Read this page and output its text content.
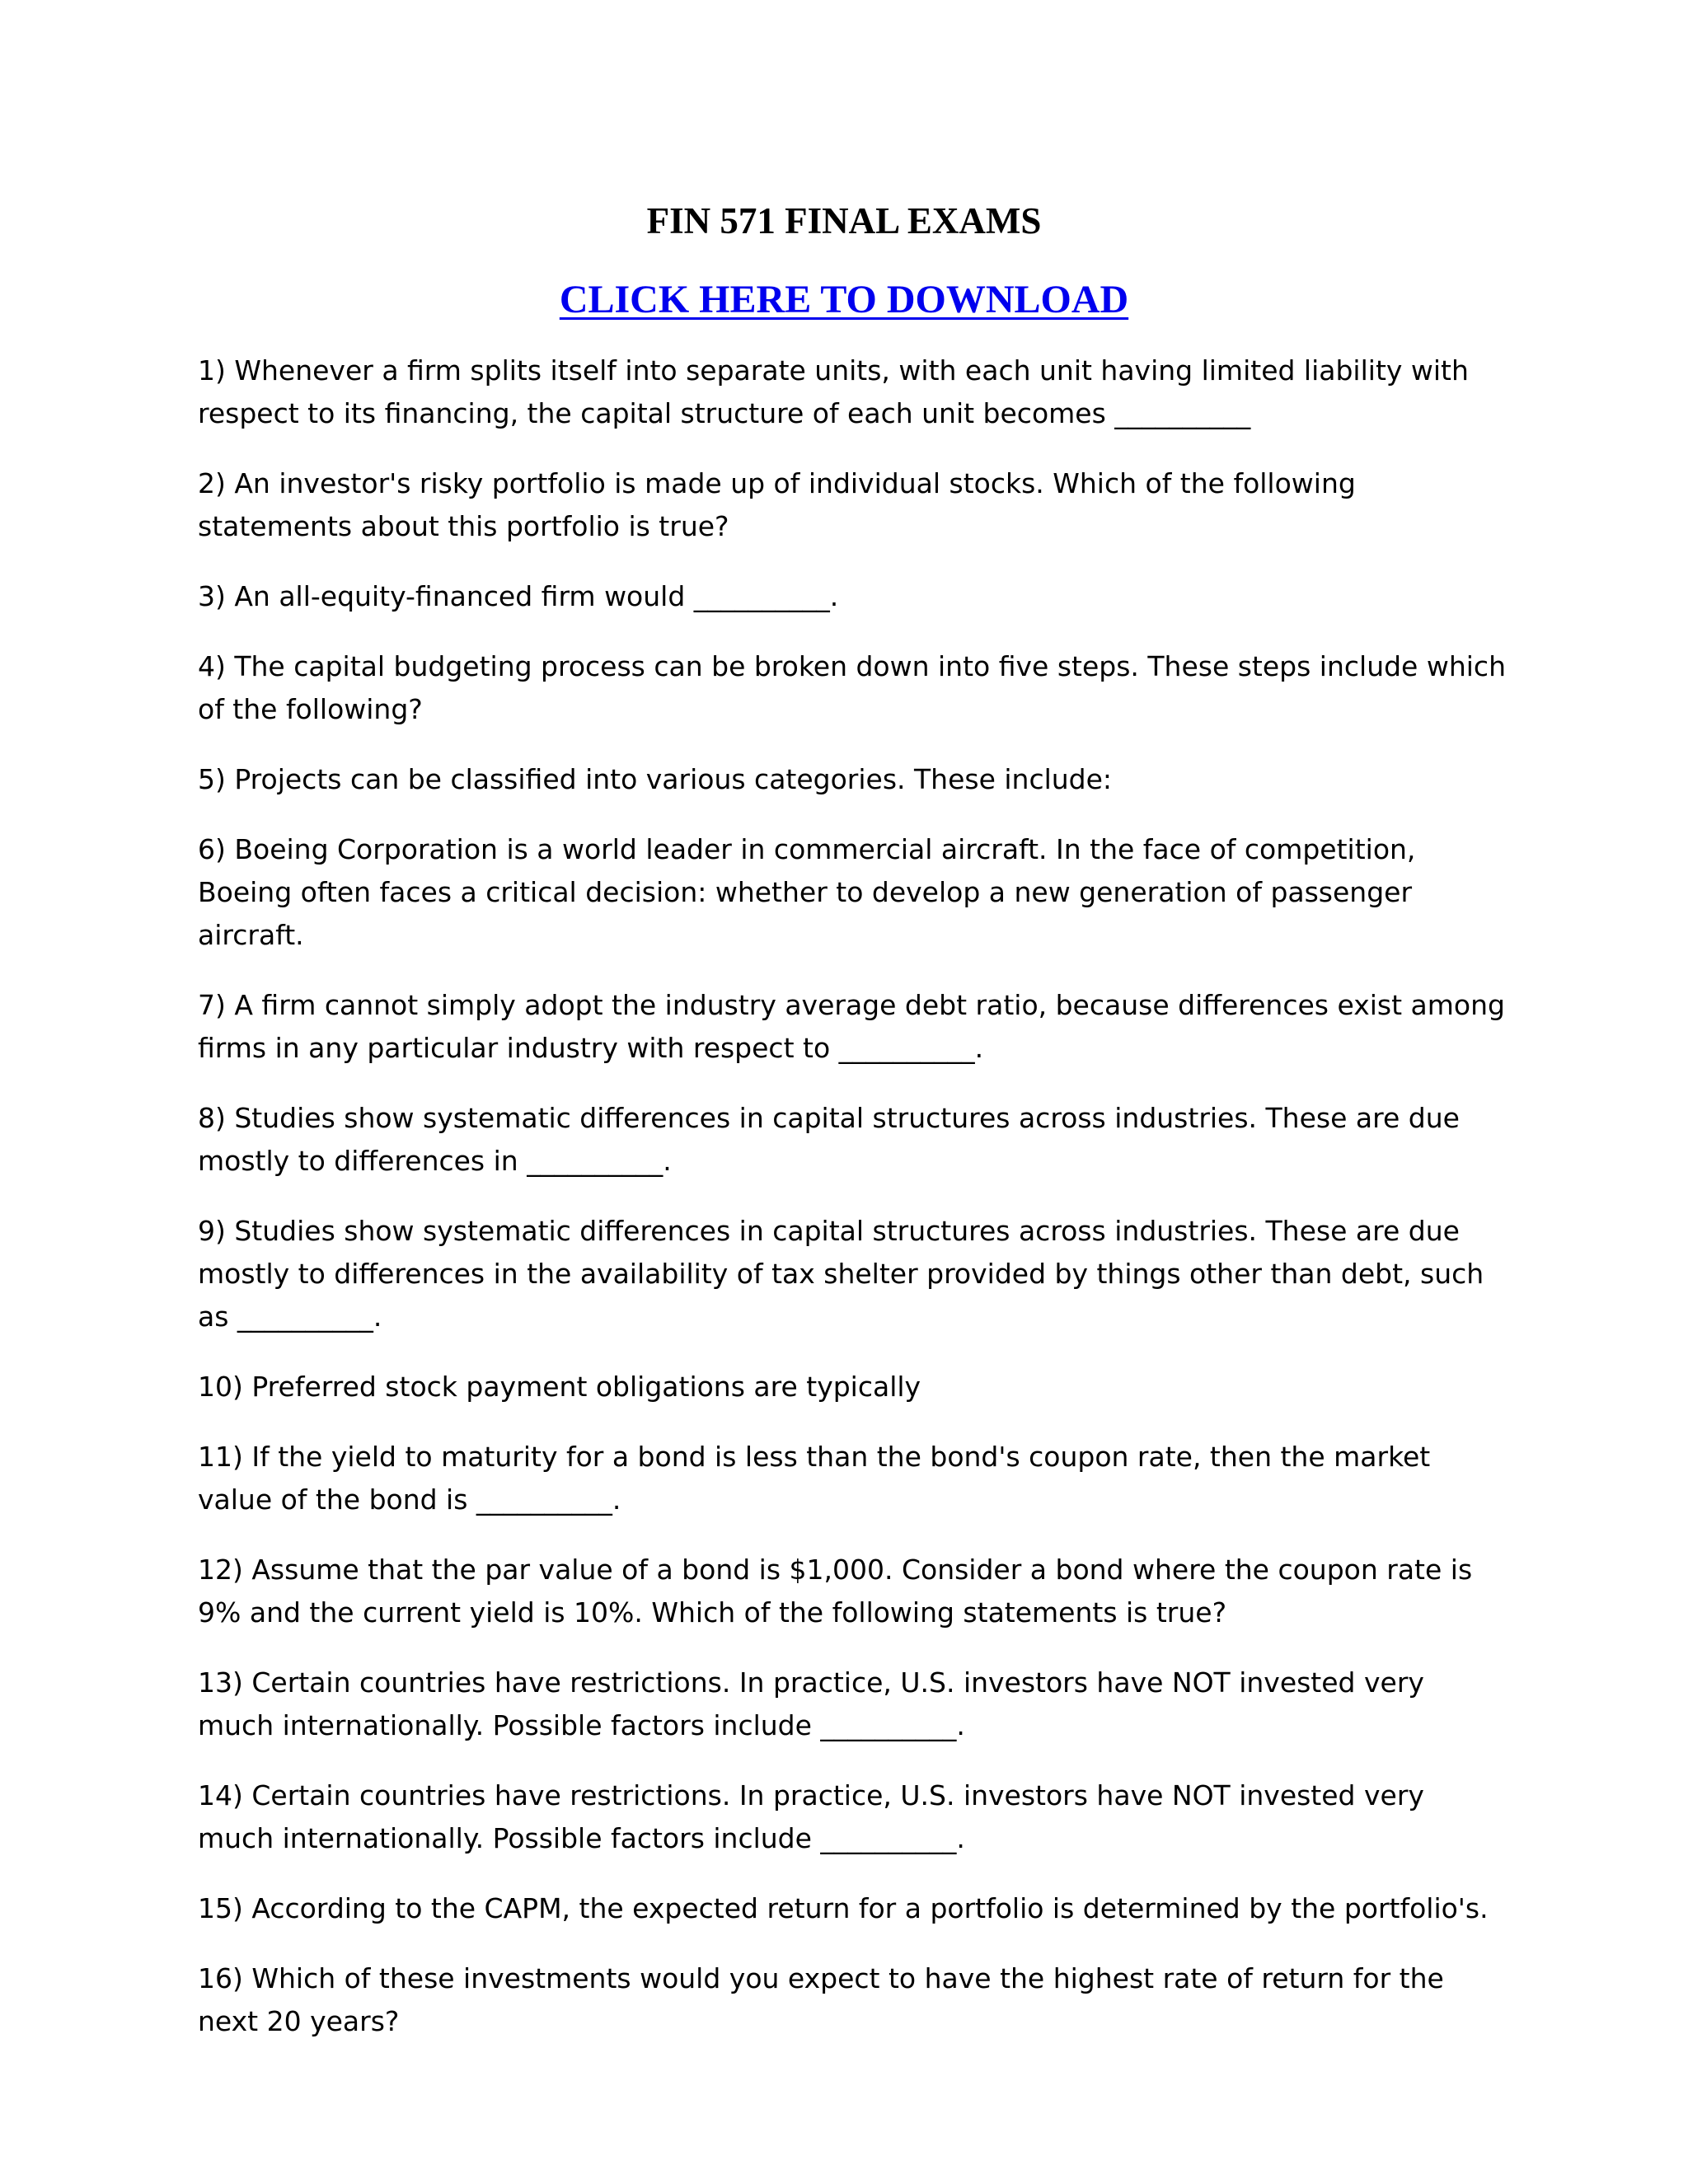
FIN 571 FINAL EXAMS
CLICK HERE TO DOWNLOAD
1) Whenever a firm splits itself into separate units, with each unit having limited liability with respect to its financing, the capital structure of each unit becomes __________
2) An investor's risky portfolio is made up of individual stocks. Which of the following statements about this portfolio is true?
3) An all-equity-financed firm would __________.
4) The capital budgeting process can be broken down into five steps. These steps include which of the following?
5) Projects can be classified into various categories. These include:
6) Boeing Corporation is a world leader in commercial aircraft. In the face of competition, Boeing often faces a critical decision: whether to develop a new generation of passenger aircraft.
7) A firm cannot simply adopt the industry average debt ratio, because differences exist among firms in any particular industry with respect to __________.
8) Studies show systematic differences in capital structures across industries. These are due mostly to differences in __________.
9) Studies show systematic differences in capital structures across industries. These are due mostly to differences in the availability of tax shelter provided by things other than debt, such as __________.
10) Preferred stock payment obligations are typically
11) If the yield to maturity for a bond is less than the bond's coupon rate, then the market value of the bond is __________.
12) Assume that the par value of a bond is $1,000. Consider a bond where the coupon rate is 9% and the current yield is 10%. Which of the following statements is true?
13) Certain countries have restrictions. In practice, U.S. investors have NOT invested very much internationally. Possible factors include __________.
14) Certain countries have restrictions. In practice, U.S. investors have NOT invested very much internationally. Possible factors include __________.
15) According to the CAPM, the expected return for a portfolio is determined by the portfolio's.
16) Which of these investments would you expect to have the highest rate of return for the next 20 years?
